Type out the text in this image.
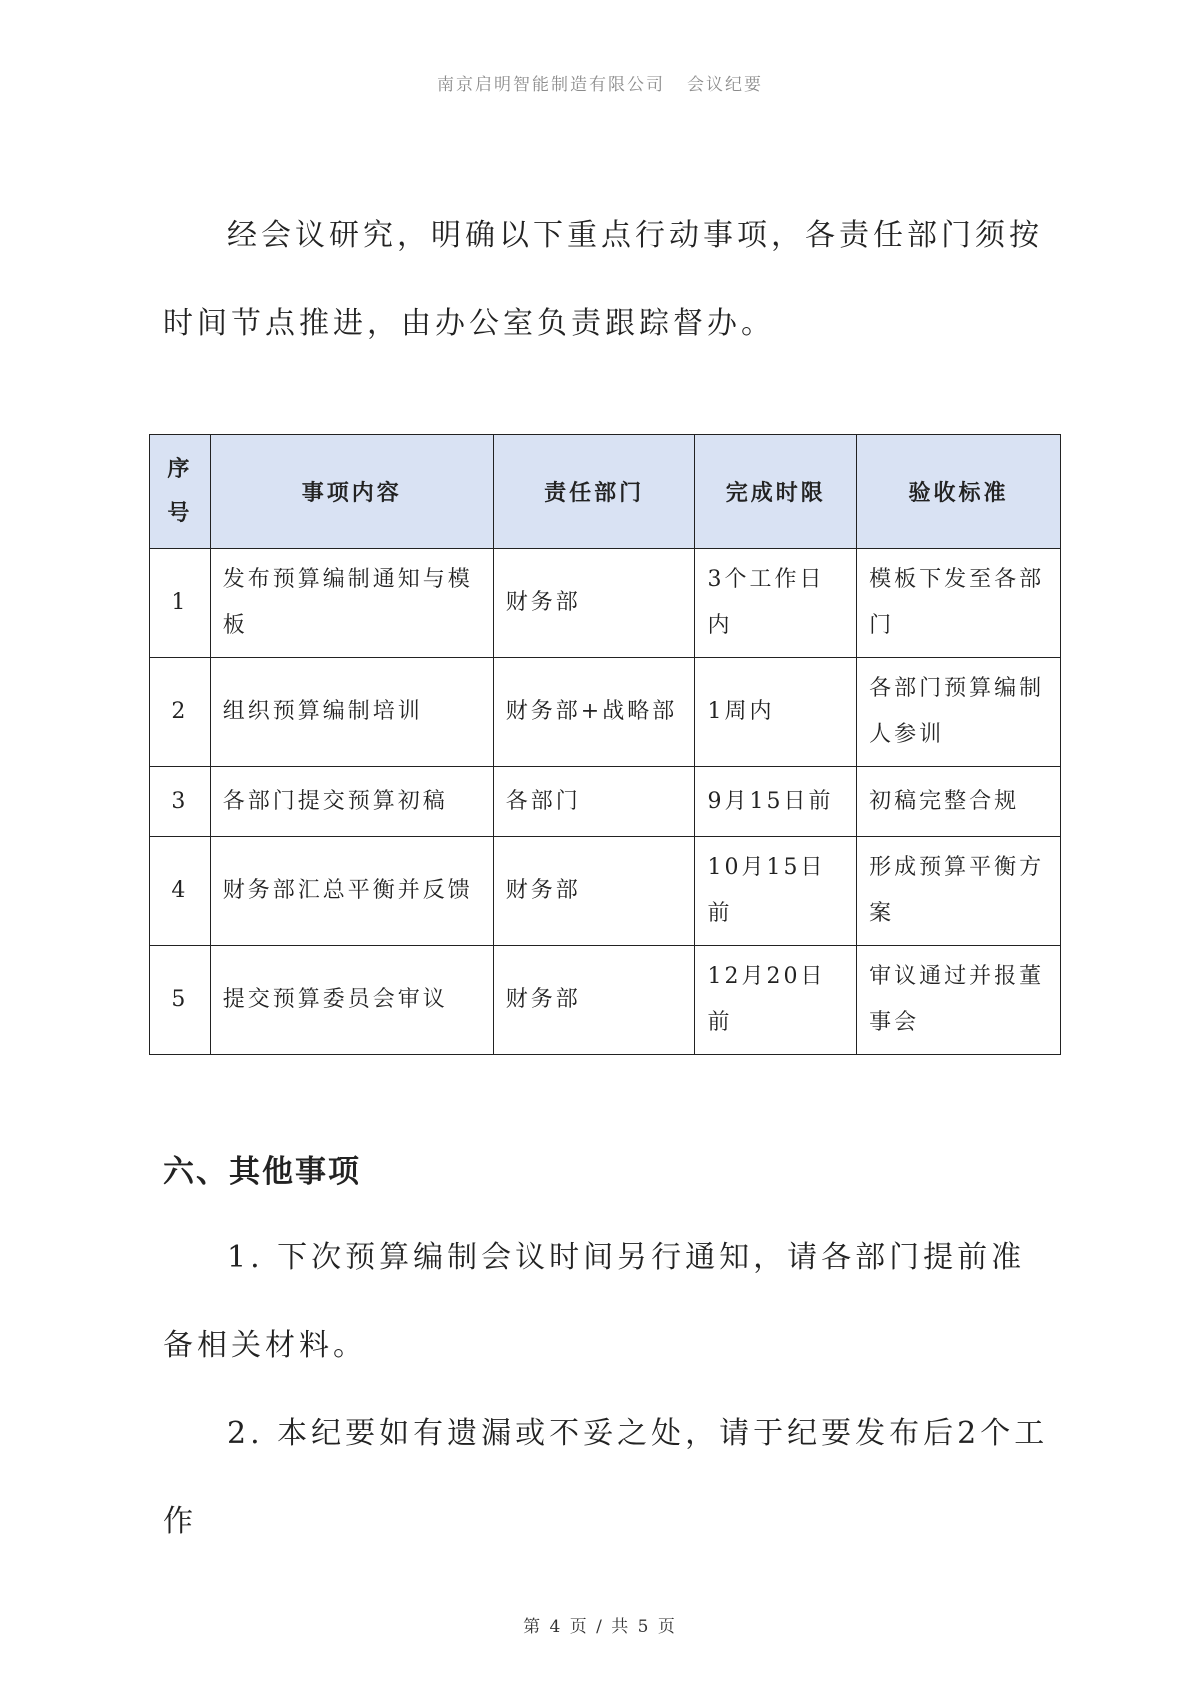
南京启明智能制造有限公司 会议纪要

经会议研究，明确以下重点行动事项，各责任部门须按时间节点推进，由办公室负责跟踪督办。

序
号	事项内容	责任部门	完成时限	验收标准
1	发布预算编制通知与模板	财务部	3个工作日内	模板下发至各部门
2	组织预算编制培训	财务部+战略部	1周内	各部门预算编制人参训
3	各部门提交预算初稿	各部门	9月15日前	初稿完整合规
4	财务部汇总平衡并反馈	财务部	10月15日前	形成预算平衡方案
5	提交预算委员会审议	财务部	12月20日前	审议通过并报董事会
六、其他事项

1. 下次预算编制会议时间另行通知，请各部门提前准备相关材料。

2. 本纪要如有遗漏或不妥之处，请于纪要发布后2个工作

第 4 页 / 共 5 页
